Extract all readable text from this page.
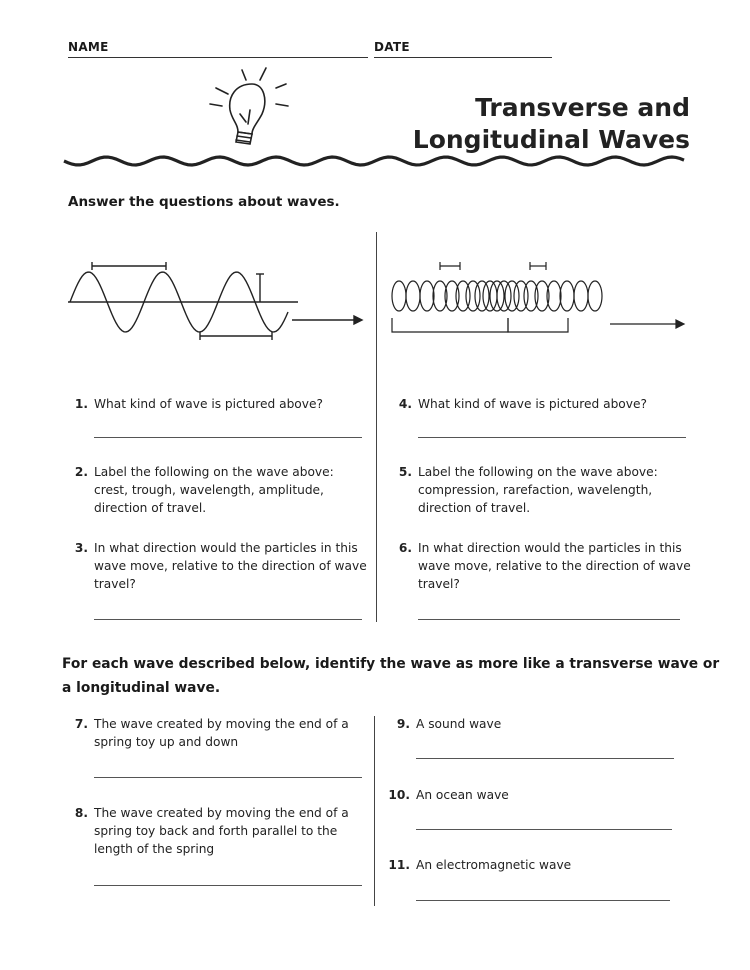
NAME	DATE
Transverse and
Longitudinal Waves
Answer the questions about waves.
1. What kind of wave is pictured above?
2. Label the following on the wave above:
crest, trough, wavelength, amplitude,
direction of travel.
3. In what direction would the particles in this
wave move, relative to the direction of wave
travel?
4. What kind of wave is pictured above?
5. Label the following on the wave above:
compression, rarefaction, wavelength,
direction of travel.
6. In what direction would the particles in this
wave move, relative to the direction of wave
travel?
For each wave described below, identify the wave as more like a transverse wave or
a longitudinal wave.
7. The wave created by moving the end of a
spring toy up and down
8. The wave created by moving the end of a
spring toy back and forth parallel to the
length of the spring
9. A sound wave
10. An ocean wave
11. An electromagnetic wave
